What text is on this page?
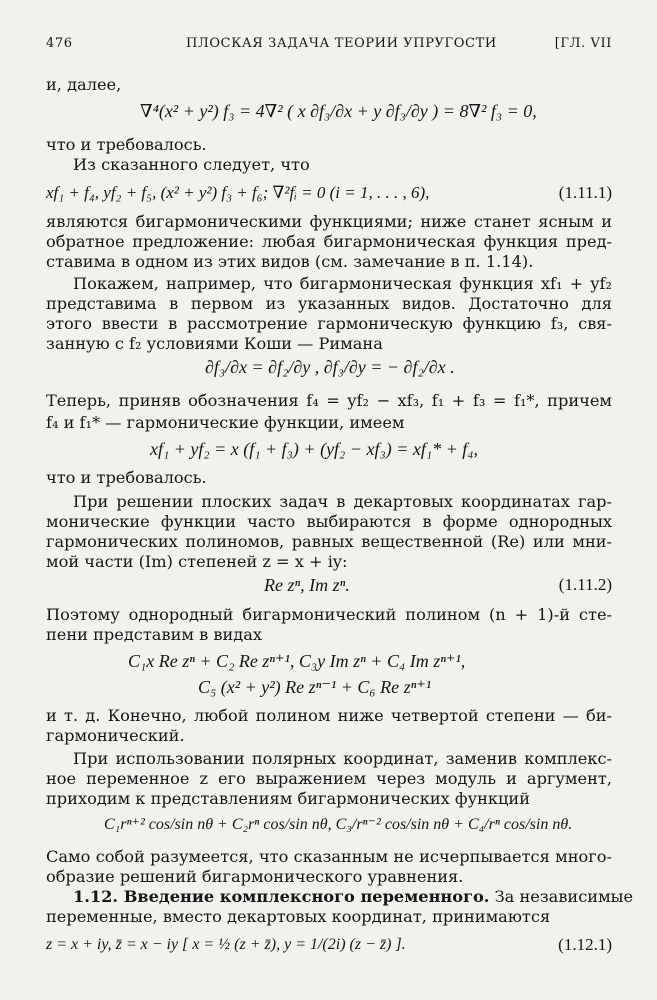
476	ПЛОСКАЯ ЗАДАЧА ТЕОРИИ УПРУГОСТИ	[ГЛ. VII
и, далее,
∇⁴(x² + y²) f₃ = 4∇² ( x ∂f₃/∂x + y ∂f₃/∂y ) = 8∇² f₃ = 0,
что и требовалось.
Из сказанного следует, что
xf₁ + f₄, yf₂ + f₅, (x² + y²) f₃ + f₆; ∇²fᵢ = 0 (i = 1, . . . , 6),	(1.11.1)
являются бигармоническими функциями; ниже станет ясным и
обратное предложение: любая бигармоническая функция пред-
ставима в одном из этих видов (см. замечание в п. 1.14).
Покажем, например, что бигармоническая функция xf₁ + yf₂
представима в первом из указанных видов. Достаточно для
этого ввести в рассмотрение гармоническую функцию f₃, свя-
занную с f₂ условиями Коши — Римана
∂f₃/∂x = ∂f₂/∂y , ∂f₃/∂y = − ∂f₂/∂x .
Теперь, приняв обозначения f₄ = yf₂ − xf₃, f₁ + f₃ = f₁*, причем
f₄ и f₁* — гармонические функции, имеем
xf₁ + yf₂ = x (f₁ + f₃) + (yf₂ − xf₃) = xf₁* + f₄,
что и требовалось.
При решении плоских задач в декартовых координатах гар-
монические функции часто выбираются в форме однородных
гармонических полиномов, равных вещественной (Re) или мни-
мой части (Im) степеней z = x + iy:
Re zⁿ, Im zⁿ.	(1.11.2)
Поэтому однородный бигармонический полином (n + 1)-й сте-
пени представим в видах
C₁x Re zⁿ + C₂ Re zⁿ⁺¹, C₃y Im zⁿ + C₄ Im zⁿ⁺¹,
C₅ (x² + y²) Re zⁿ⁻¹ + C₆ Re zⁿ⁺¹
и т. д. Конечно, любой полином ниже четвертой степени — би-
гармонический.
При использовании полярных координат, заменив комплекс-
ное переменное z его выражением через модуль и аргумент,
приходим к представлениям бигармонических функций
C₁rⁿ⁺² cos/sin nθ + C₂rⁿ cos/sin nθ, C₃/rⁿ⁻² cos/sin nθ + C₄/rⁿ cos/sin nθ.
Само собой разумеется, что сказанным не исчерпывается много-
образие решений бигармонического уравнения.
1.12. Введение комплексного переменного. За независимые
переменные, вместо декартовых координат, принимаются
z = x + iy, z̄ = x − iy [ x = ½ (z + z̄), y = 1/(2i) (z − z̄) ].	(1.12.1)
